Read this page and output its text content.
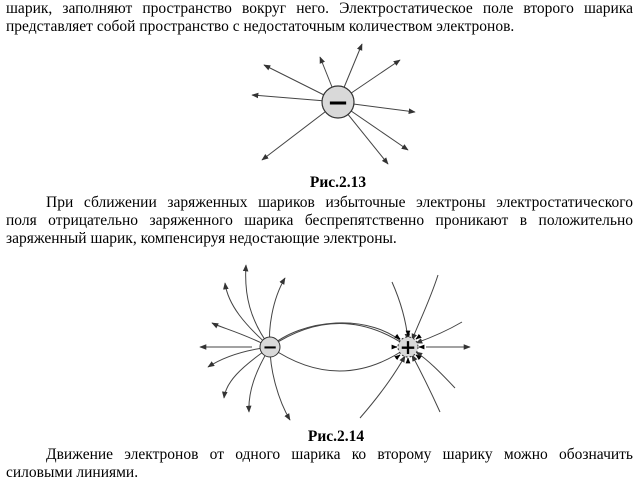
шарик, заполняют пространство вокруг него. Электростатическое поле второго шарика
представляет собой пространство с недостаточным количеством электронов.
−
Рис.2.13
При сближении заряженных шариков избыточные электроны электростатического
поля отрицательно заряженного шарика беспрепятственно проникают в положительно
заряженный шарик, компенсируя недостающие электроны.
−	+
Рис.2.14
Движение электронов от одного шарика ко второму шарику можно обозначить
силовыми линиями.
